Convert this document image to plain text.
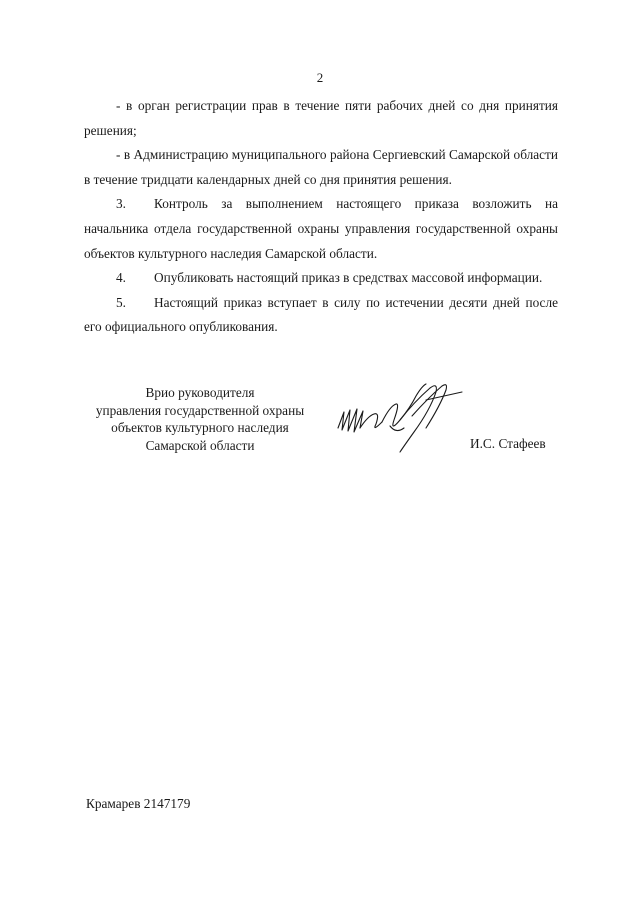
2

- в орган регистрации прав в течение пяти рабочих дней со дня принятия решения;

- в Администрацию муниципального района Сергиевский Самарской области в течение тридцати календарных дней со дня принятия решения.

3. Контроль за выполнением настоящего приказа возложить на начальника отдела государственной охраны управления государственной охраны объектов культурного наследия Самарской области.

4. Опубликовать настоящий приказ в средствах массовой информации.

5. Настоящий приказ вступает в силу по истечении десяти дней после его официального опубликования.

Врио руководителя
управления государственной охраны
объектов культурного наследия
Самарской области	И.С. Стафеев
Крамарев 2147179
